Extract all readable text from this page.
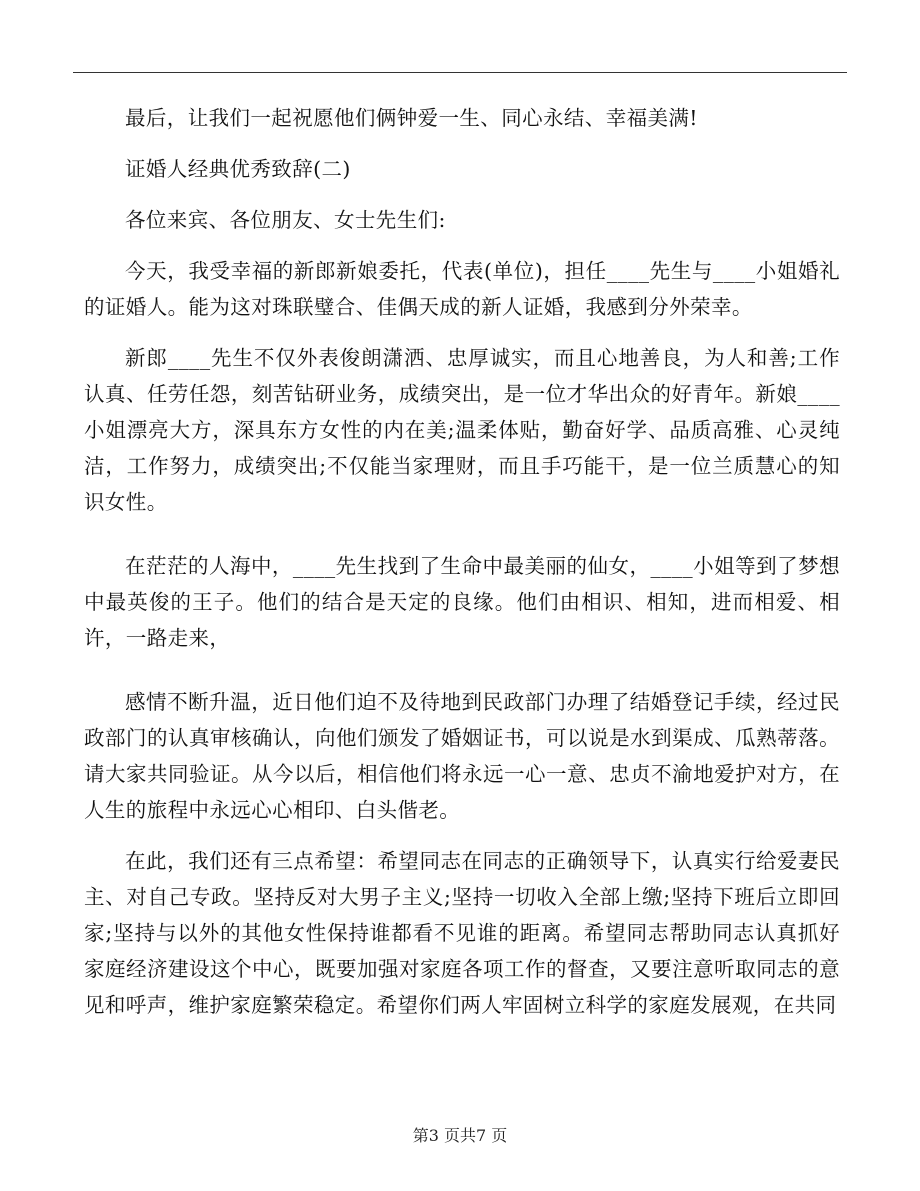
最后，让我们一起祝愿他们俩钟爱一生、同心永结、幸福美满!

证婚人经典优秀致辞(二)

各位来宾、各位朋友、女士先生们:

今天，我受幸福的新郎新娘委托，代表(单位)，担任____先生与____小姐婚礼的证婚人。能为这对珠联璧合、佳偶天成的新人证婚，我感到分外荣幸。

新郎____先生不仅外表俊朗潇洒、忠厚诚实，而且心地善良，为人和善;工作认真、任劳任怨，刻苦钻研业务，成绩突出，是一位才华出众的好青年。新娘____小姐漂亮大方，深具东方女性的内在美;温柔体贴，勤奋好学、品质高雅、心灵纯洁，工作努力，成绩突出;不仅能当家理财，而且手巧能干，是一位兰质慧心的知识女性。

在茫茫的人海中，____先生找到了生命中最美丽的仙女，____小姐等到了梦想中最英俊的王子。他们的结合是天定的良缘。他们由相识、相知，进而相爱、相许，一路走来，

感情不断升温，近日他们迫不及待地到民政部门办理了结婚登记手续，经过民政部门的认真审核确认，向他们颁发了婚姻证书，可以说是水到渠成、瓜熟蒂落。请大家共同验证。从今以后，相信他们将永远一心一意、忠贞不渝地爱护对方，在人生的旅程中永远心心相印、白头偕老。

在此，我们还有三点希望：希望同志在同志的正确领导下，认真实行给爱妻民主、对自己专政。坚持反对大男子主义;坚持一切收入全部上缴;坚持下班后立即回家;坚持与以外的其他女性保持谁都看不见谁的距离。希望同志帮助同志认真抓好家庭经济建设这个中心，既要加强对家庭各项工作的督查，又要注意听取同志的意见和呼声，维护家庭繁荣稳定。希望你们两人牢固树立科学的家庭发展观，在共同

第3 页共7 页
